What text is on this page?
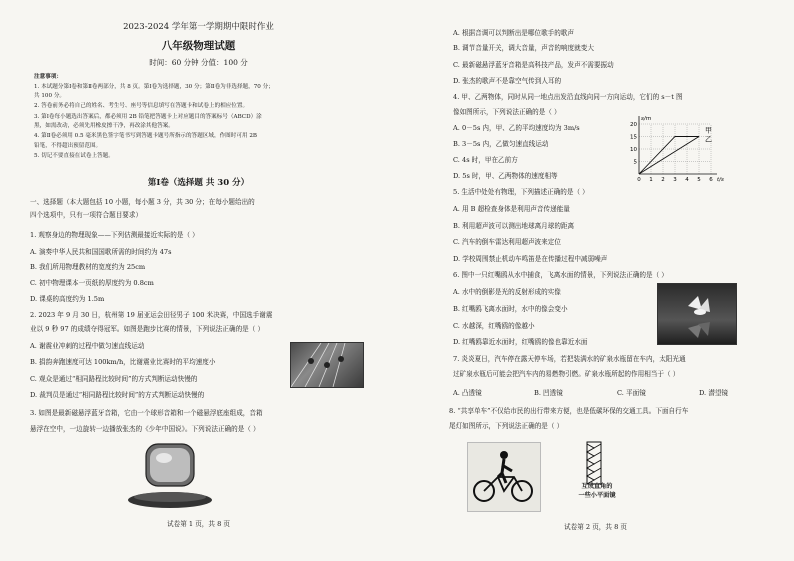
2023-2024 学年第一学期期中限时作业
八年级物理试题
时间：60 分钟 分值：100 分
注意事项：
1. 本试题分第Ⅰ卷和第Ⅱ卷两部分，共 8 页。第Ⅰ卷为选择题，30 分；第Ⅱ卷为非选择题，70 分；
共 100 分。
2. 答卷前务必将自己的姓名、考生号、座号等信息填写在答题卡和试卷上的相应位置。
3. 第Ⅰ卷每小题选出答案后，都必须用 2B 铅笔把答题卡上对应题目的答案标号（ABCD）涂
黑，如需改动，必须先用橡皮擦干净，再改涂其他答案。
4. 第Ⅱ卷必须用 0.5 毫米黑色签字笔书写到答题卡题号所指示的答题区域，作图时可用 2B
铅笔，不得超出预留范围。
5. 切记不要直接在试卷上答题。
第Ⅰ卷（选择题 共 30 分）
一、选择题（本大题包括 10 小题，每小题 3 分，共 30 分；在每小题给出的
四个选项中，只有一项符合题目要求）
1. 观察身边的物理现象——下列估测最接近实际的是（ ）
A. 演奏中华人民共和国国歌所需的时间约为 47s
B. 我们所用物理教材的宽度约为 25cm
C. 初中物理课本一页纸的厚度约为 0.8cm
D. 课桌的高度约为 1.5m
2. 2023 年 9 月 30 日，杭州第 19 届亚运会田径男子 100 米决赛，中国选手谢震
业以 9 秒 97 的成绩夺得冠军。如图是跑步比赛的情景，下列说法正确的是（ ）
A. 谢震业冲刺的过程中做匀速直线运动
B. 捐韵奔跑速度可达 100km/h，比谢震业比赛时的平均速度小
C. 观众是通过“相同路程比较时间”的方式判断运动快慢的
D. 裁判员是通过“相同路程比较时间”的方式判断运动快慢的
3. 如图是最新磁悬浮蓝牙音箱，它由一个球形音箱和一个磁悬浮底座组成，音箱
悬浮在空中，一边旋转一边播放张杰的《少年中国说》。下列说法正确的是（ ）
试卷第 1 页，共 8 页
A. 根据音调可以判断出是哪位歌手的歌声
B. 调节音量开关，调大音量，声音的响度就变大
C. 最新磁悬浮蓝牙音箱是高科技产品，发声不需要振动
D. 张杰的歌声不是靠空气传到人耳的
4. 甲、乙两物体，同时从同一地点出发沿直线向同一方向运动，它们的 s－t 图
像如图所示，下列说法正确的是（ ）
A. 0－5s 内，甲、乙的平均速度均为 3m/s
B. 3－5s 内，乙做匀速直线运动
C. 4s 时，甲在乙前方
D. 5s 时，甲、乙两物体的速度相等	0 1 2 3 4 5 6
5
10
15
20
甲
乙
s/m
t/s
5. 生活中处处有物理，下列描述正确的是（ ）
A. 用 B 超检查身体是利用声音传递能量
B. 利用超声波可以测出地球离月球的距离
C. 汽车的倒车雷达利用超声波来定位
D. 学校周围禁止机动车鸣笛是在传播过程中减弱噪声
6. 图中一只红嘴鸥从水中捕食，飞离水面的情景，下列说法正确的是（ ）
A. 水中的倒影是光的反射形成的实像
B. 红嘴鸥飞离水面时，水中的像会变小
C. 水越深，红嘴鸥的像越小
D. 红嘴鸥靠近水面时，红嘴鸥的像也靠近水面
7. 炎炎夏日，汽车停在露天停车场，若把装满水的矿泉水瓶留在车内，太阳光通
过矿泉水瓶后可能会把汽车内的易燃物引燃。矿泉水瓶所起的作用相当于（ ）
A. 凸透镜	B. 凹透镜	C. 平面镜	D. 潜望镜
8. “共享单车”不仅给市民的出行带来方便，也是低碳环保的交通工具。下面自行车
尾灯如图所示，下列说法正确的是（ ）
互成直角的
一些小平面镜
试卷第 2 页，共 8 页
